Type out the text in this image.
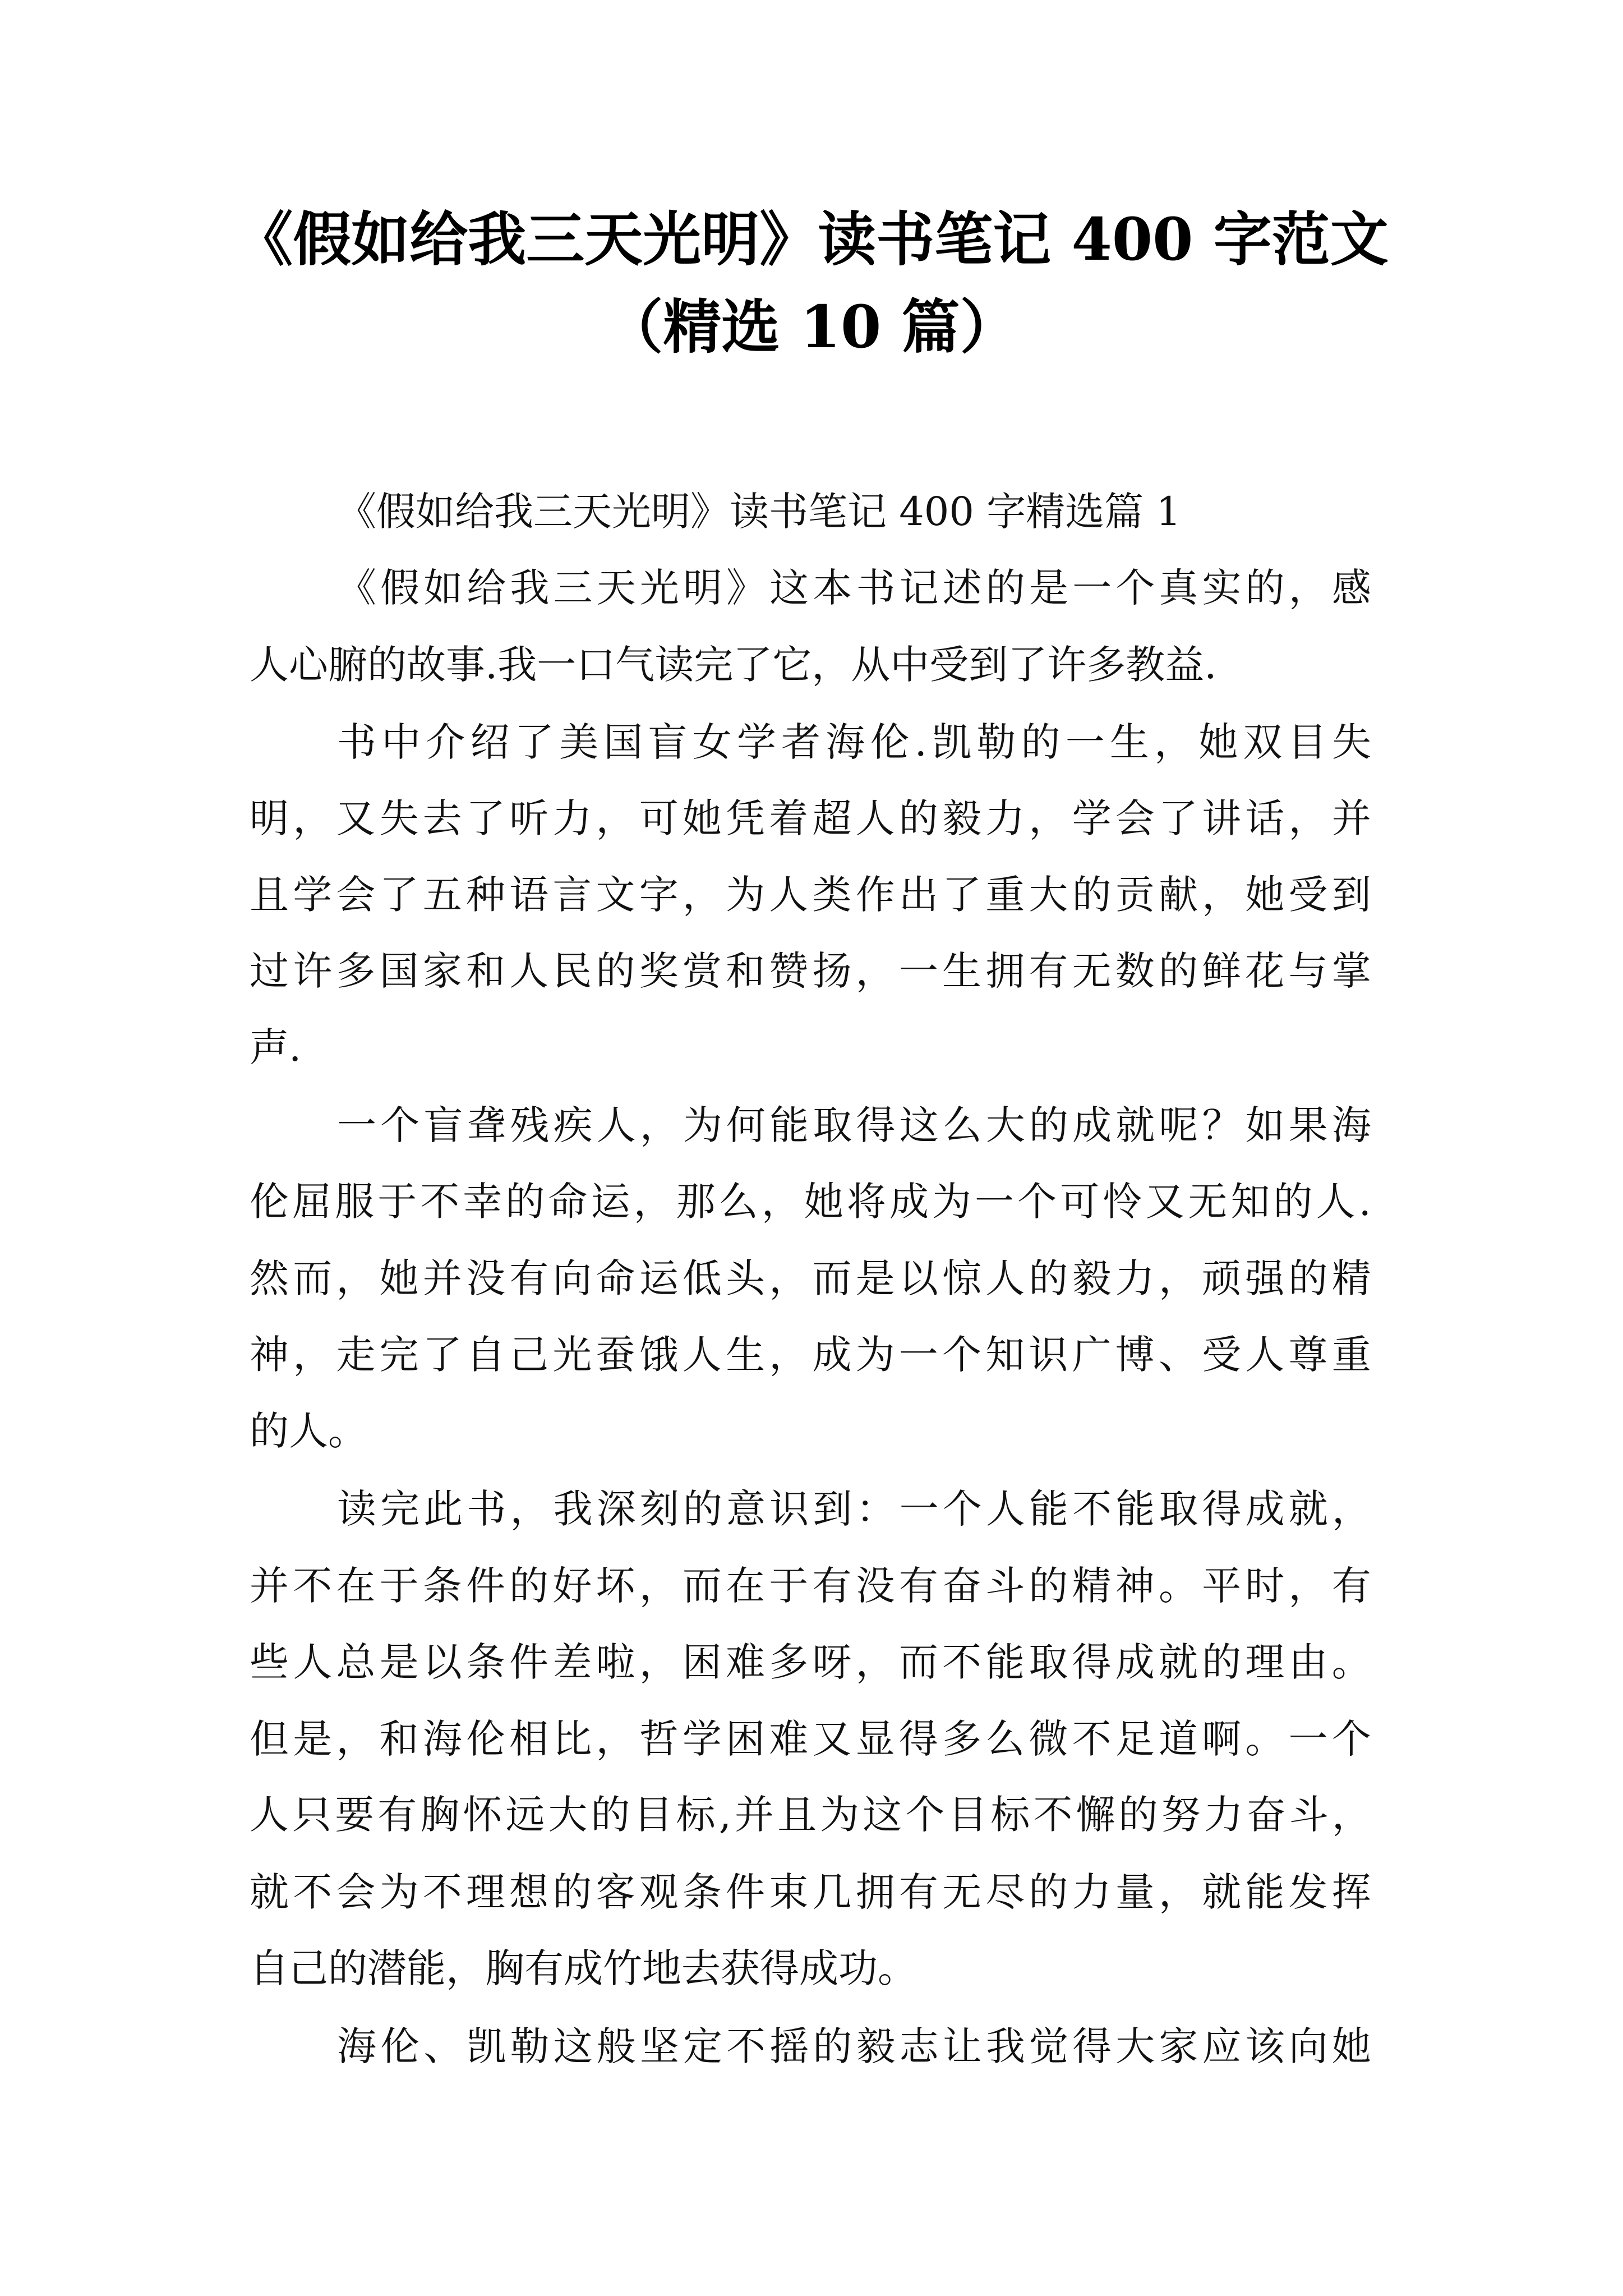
《假如给我三天光明》读书笔记 400 字范文
（精选 10 篇）
《假如给我三天光明》读书笔记 400 字精选篇 1
《 假 如 给 我 三 天 光 明 》 这 本 书 记 述 的 是 一 个 真 实 的 ， 感
人心腑的故事.我一口气读完了它，从中受到了许多教益.
书 中 介 绍 了 美 国 盲 女 学 者 海 伦 . 凯 勒 的 一 生 ， 她 双 目 失
明 ， 又 失 去 了 听 力 ， 可 她 凭 着 超 人 的 毅 力 ， 学 会 了 讲 话 ， 并
且 学 会 了 五 种 语 言 文 字 ， 为 人 类 作 出 了 重 大 的 贡 献 ， 她 受 到
过 许 多 国 家 和 人 民 的 奖 赏 和 赞 扬 ， 一 生 拥 有 无 数 的 鲜 花 与 掌
声.
一 个 盲 聋 残 疾 人 ， 为 何 能 取 得 这 么 大 的 成 就 呢 ？ 如 果 海
伦 屈 服 于 不 幸 的 命 运 ， 那 么 ， 她 将 成 为 一 个 可 怜 又 无 知 的 人 .
然 而 ， 她 并 没 有 向 命 运 低 头 ， 而 是 以 惊 人 的 毅 力 ， 顽 强 的 精
神 ， 走 完 了 自 己 光 蚕 饿 人 生 ， 成 为 一 个 知 识 广 博 、 受 人 尊 重
的人。
读 完 此 书 ， 我 深 刻 的 意 识 到 ： 一 个 人 能 不 能 取 得 成 就 ，
并 不 在 于 条 件 的 好 坏 ， 而 在 于 有 没 有 奋 斗 的 精 神 。 平 时 ， 有
些 人 总 是 以 条 件 差 啦 ， 困 难 多 呀 ， 而 不 能 取 得 成 就 的 理 由 。
但 是 ， 和 海 伦 相 比 ， 哲 学 困 难 又 显 得 多 么 微 不 足 道 啊 。 一 个
人 只 要 有 胸 怀 远 大 的 目 标 , 并 且 为 这 个 目 标 不 懈 的 努 力 奋 斗 ，
就 不 会 为 不 理 想 的 客 观 条 件 束 几 拥 有 无 尽 的 力 量 ， 就 能 发 挥
自己的潜能，胸有成竹地去获得成功。
海 伦 、 凯 勒 这 般 坚 定 不 摇 的 毅 志 让 我 觉 得 大 家 应 该 向 她
